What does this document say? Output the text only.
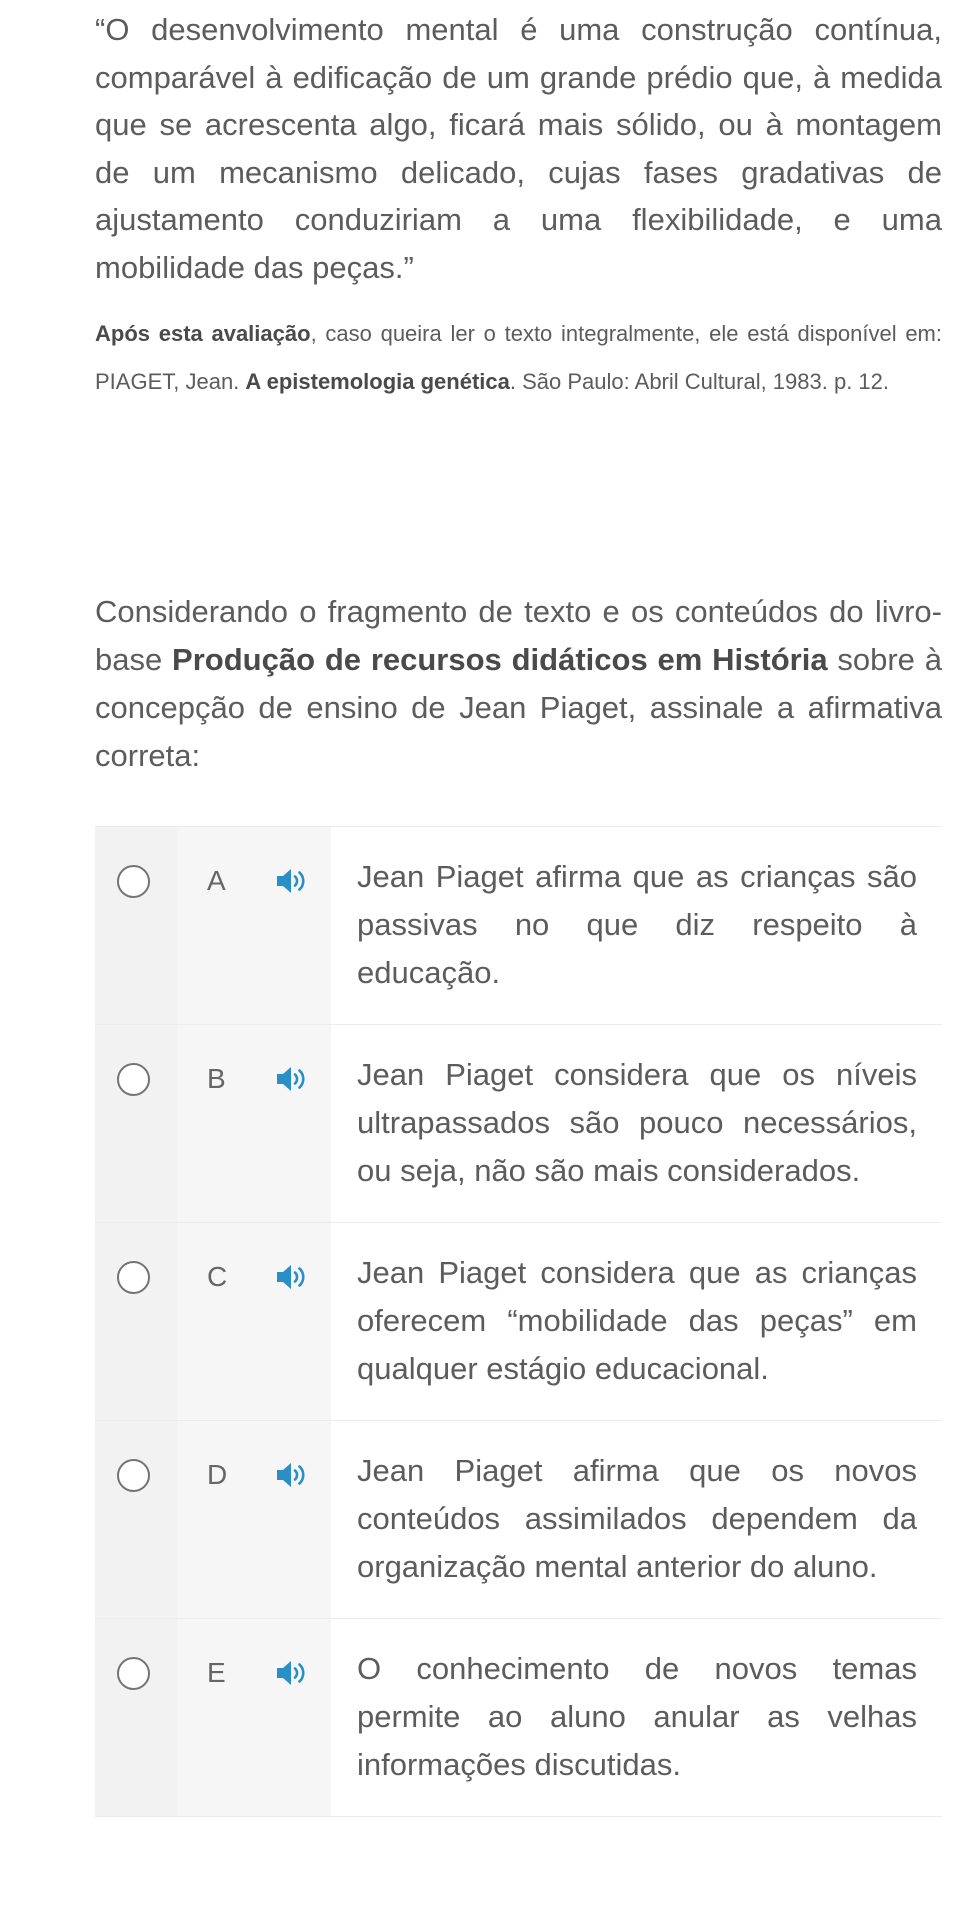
“O desenvolvimento mental é uma construção contínua, comparável à edificação de um grande prédio que, à medida que se acrescenta algo, ficará mais sólido, ou à montagem de um mecanismo delicado, cujas fases gradativas de ajustamento conduziriam a uma flexibilidade, e uma mobilidade das peças.”

Após esta avaliação, caso queira ler o texto integralmente, ele está disponível em: PIAGET, Jean. A epistemologia genética. São Paulo: Abril Cultural, 1983. p. 12.

Considerando o fragmento de texto e os conteúdos do livro-base Produção de recursos didáticos em História sobre à concepção de ensino de Jean Piaget, assinale a afirmativa correta:
A	Jean Piaget afirma que as crianças são passivas no que diz respeito à educação.
B	Jean Piaget considera que os níveis ultrapassados são pouco necessários, ou seja, não são mais considerados.
C	Jean Piaget considera que as crianças oferecem “mobilidade das peças” em qualquer estágio educacional.
D	Jean Piaget afirma que os novos conteúdos assimilados dependem da organização mental anterior do aluno.
E	O conhecimento de novos temas permite ao aluno anular as velhas informações discutidas.
